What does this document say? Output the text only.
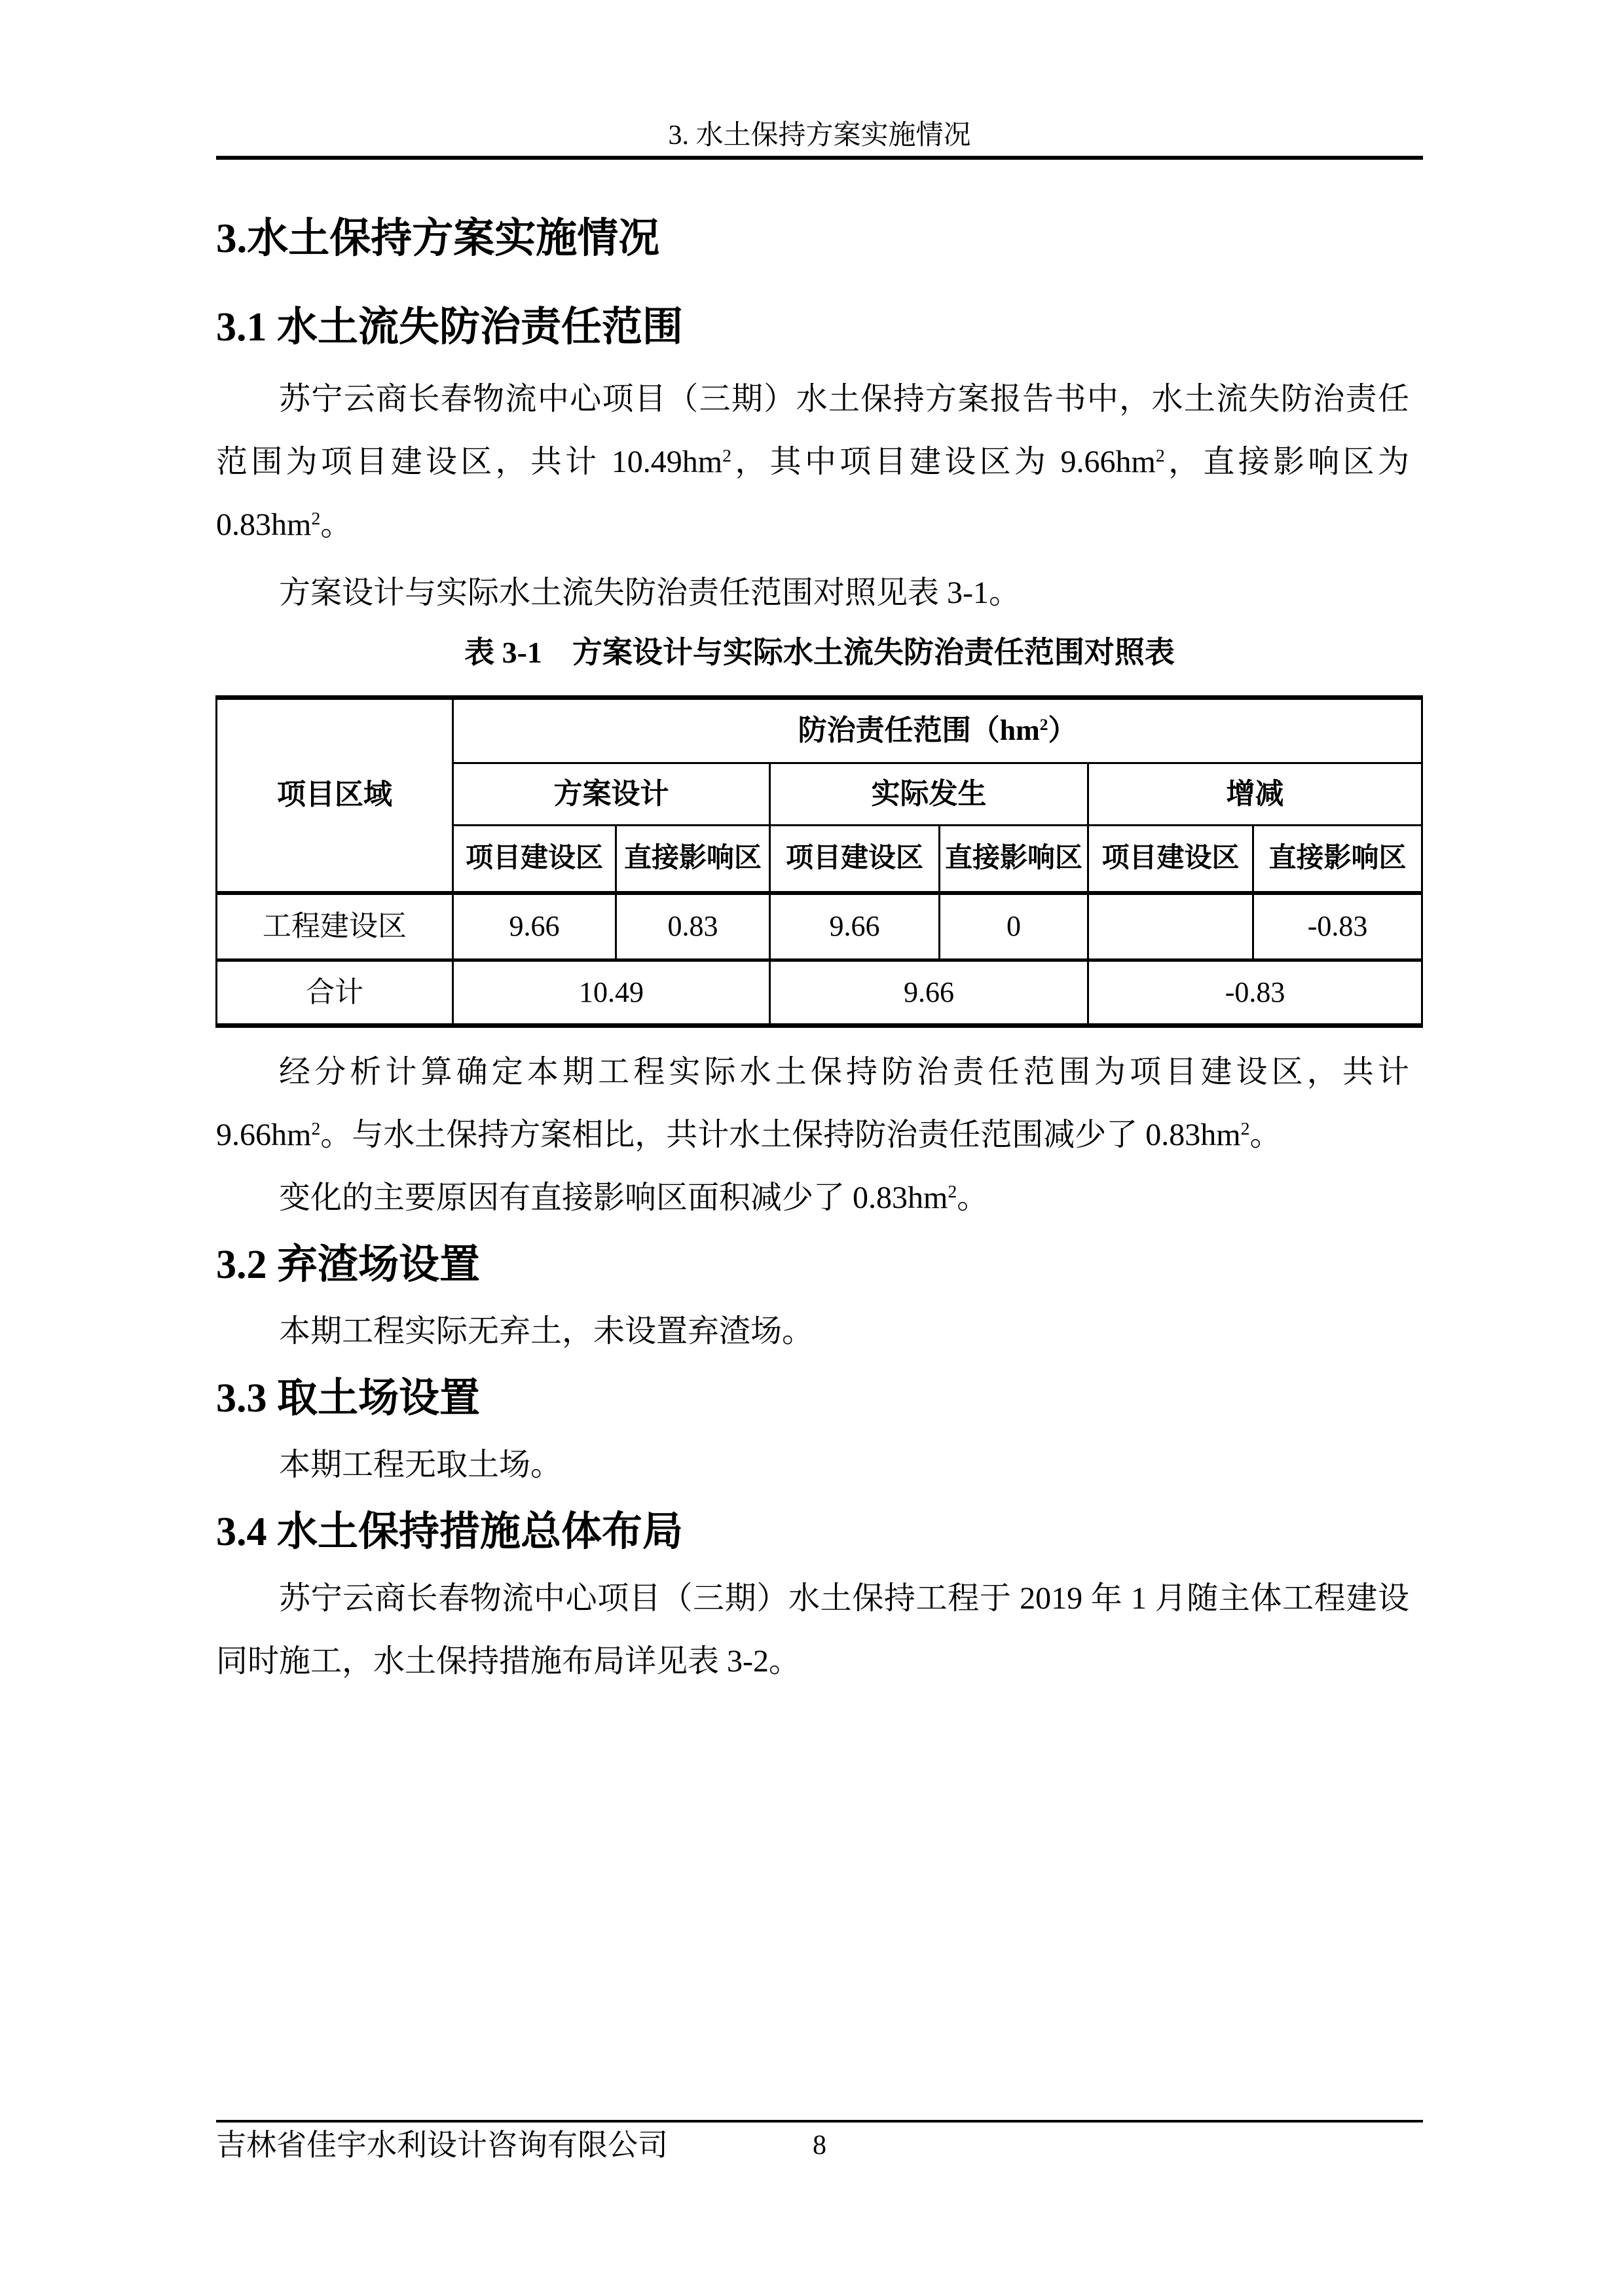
3. 水土保持方案实施情况
3.水土保持方案实施情况
3.1 水土流失防治责任范围
苏宁云商长春物流中心项目（三期）水土保持方案报告书中，水土流失防治责任范围为项目建设区，共计 $10.49hm^2$，其中项目建设区为 $9.66hm^2$，直接影响区为 $0.83hm^2$。
方案设计与实际水土流失防治责任范围对照见表 3-1。
表 3-1　方案设计与实际水土流失防治责任范围对照表
项目区域	防治责任范围$(hm^2)$					
	方案设计		实际发生		增减	
	项目建设区	直接影响区	项目建设区	直接影响区	项目建设区	直接影响区
工程建设区	9.66	0.83	9.66	0		-0.83
合计	10.49		9.66		-0.83	
经分析计算确定本期工程实际水土保持防治责任范围为项目建设区，共计 $9.66hm^2$。与水土保持方案相比，共计水土保持防治责任范围减少了 $0.83hm^2$。
变化的主要原因有直接影响区面积减少了 $0.83hm^2$。
3.2 弃渣场设置
本期工程实际无弃土，未设置弃渣场。
3.3 取土场设置
本期工程无取土场。
3.4 水土保持措施总体布局
苏宁云商长春物流中心项目（三期）水土保持工程于 2019 年 1 月随主体工程建设同时施工，水土保持措施布局详见表 3-2。
吉林省佳宇水利设计咨询有限公司	8
